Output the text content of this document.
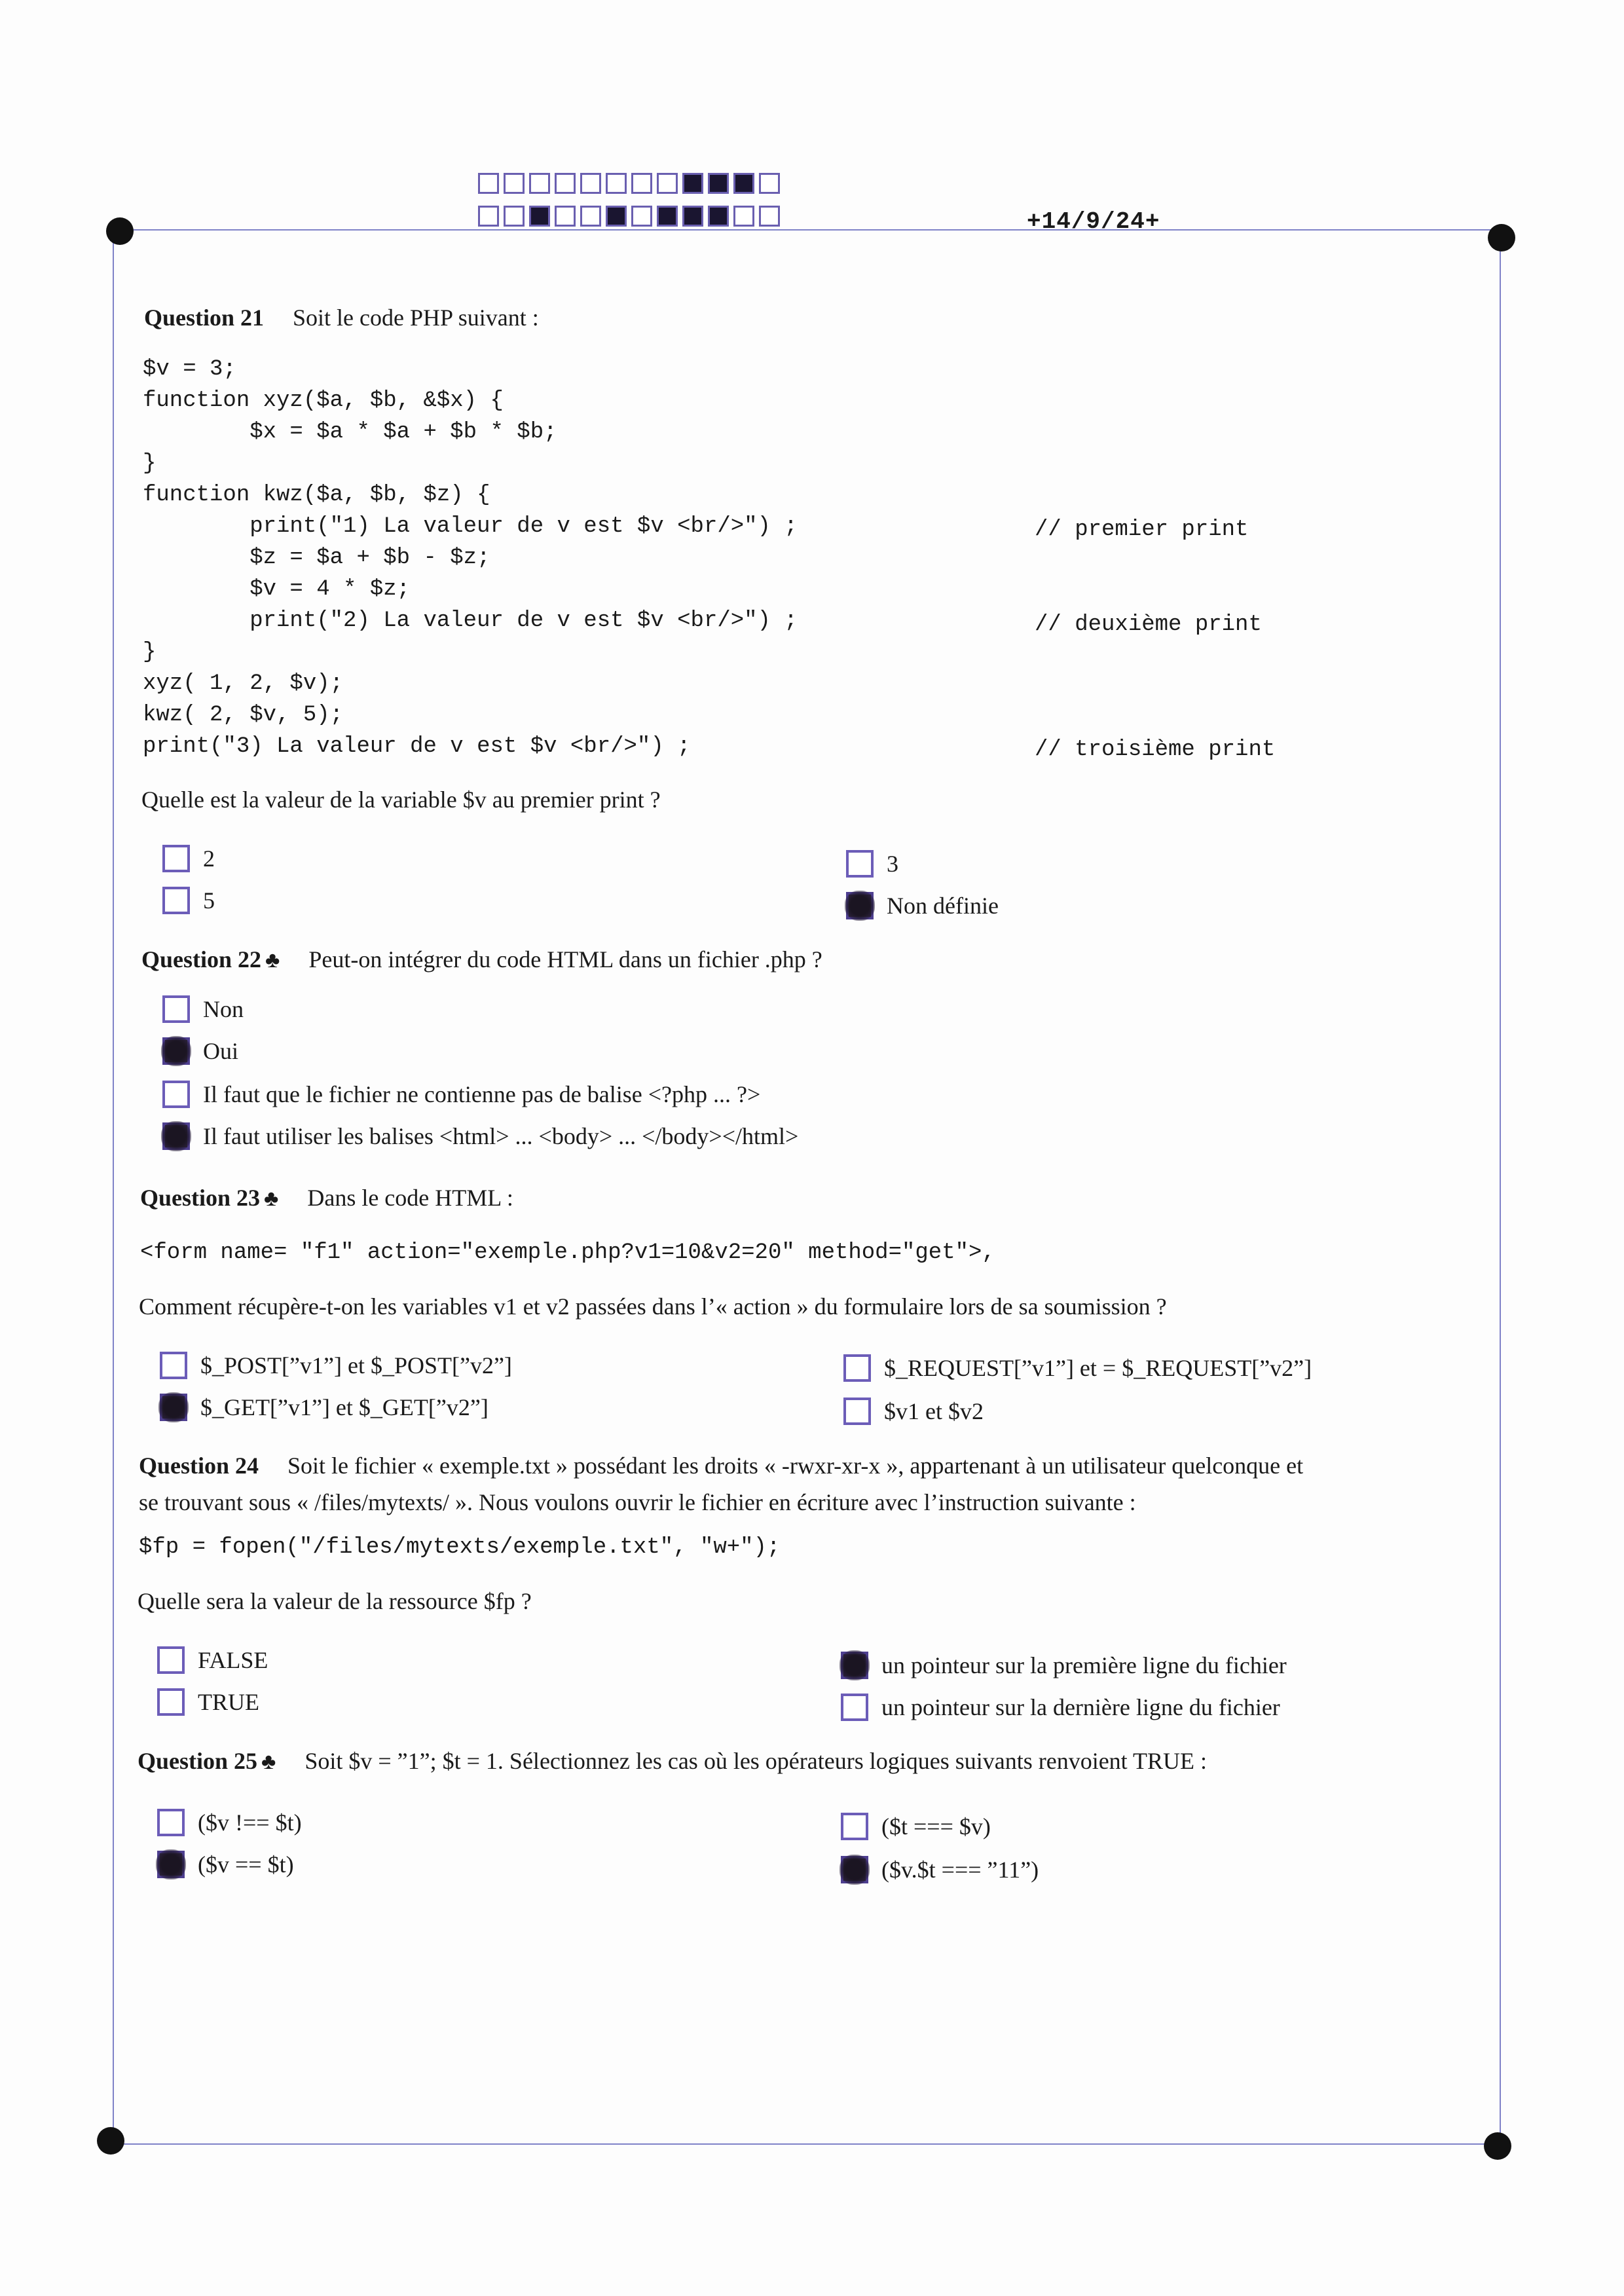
+14/9/24+
Question 21 Soit le code PHP suivant :
$v = 3;
function xyz($a, $b, &$x) {
$x = $a * $a + $b * $b;
}
function kwz($a, $b, $z) {
print("1) La valeur de v est $v <br/>") ;
$z = $a + $b - $z;
$v = 4 * $z;
print("2) La valeur de v est $v <br/>") ;
}
xyz( 1, 2, $v);
kwz( 2, $v, 5);
print("3) La valeur de v est $v <br/>") ;
// premier print
// deuxième print
// troisième print
Quelle est la valeur de la variable $v au premier print ?
2
5
3
Non définie
Question 22 ♣ Peut-on intégrer du code HTML dans un fichier .php ?
Non
Oui
Il faut que le fichier ne contienne pas de balise <?php ... ?>
Il faut utiliser les balises <html> ... <body> ... </body></html>
Question 23 ♣ Dans le code HTML :
<form name= "f1" action="exemple.php?v1=10&v2=20" method="get">,
Comment récupère-t-on les variables v1 et v2 passées dans l’« action » du formulaire lors de sa soumission ?
$_POST[”v1”] et $_POST[”v2”]
$_GET[”v1”] et $_GET[”v2”]
$_REQUEST[”v1”] et = $_REQUEST[”v2”]
$v1 et $v2
Question 24 Soit le fichier « exemple.txt » possédant les droits « -rwxr-xr-x », appartenant à un utilisateur quelconque et
se trouvant sous « /files/mytexts/ ». Nous voulons ouvrir le fichier en écriture avec l’instruction suivante :
$fp = fopen("/files/mytexts/exemple.txt", "w+");
Quelle sera la valeur de la ressource $fp ?
FALSE
TRUE
un pointeur sur la première ligne du fichier
un pointeur sur la dernière ligne du fichier
Question 25 ♣ Soit $v = ”1”; $t = 1. Sélectionnez les cas où les opérateurs logiques suivants renvoient TRUE :
($v !== $t)
($v == $t)
($t === $v)
($v.$t === ”11”)
